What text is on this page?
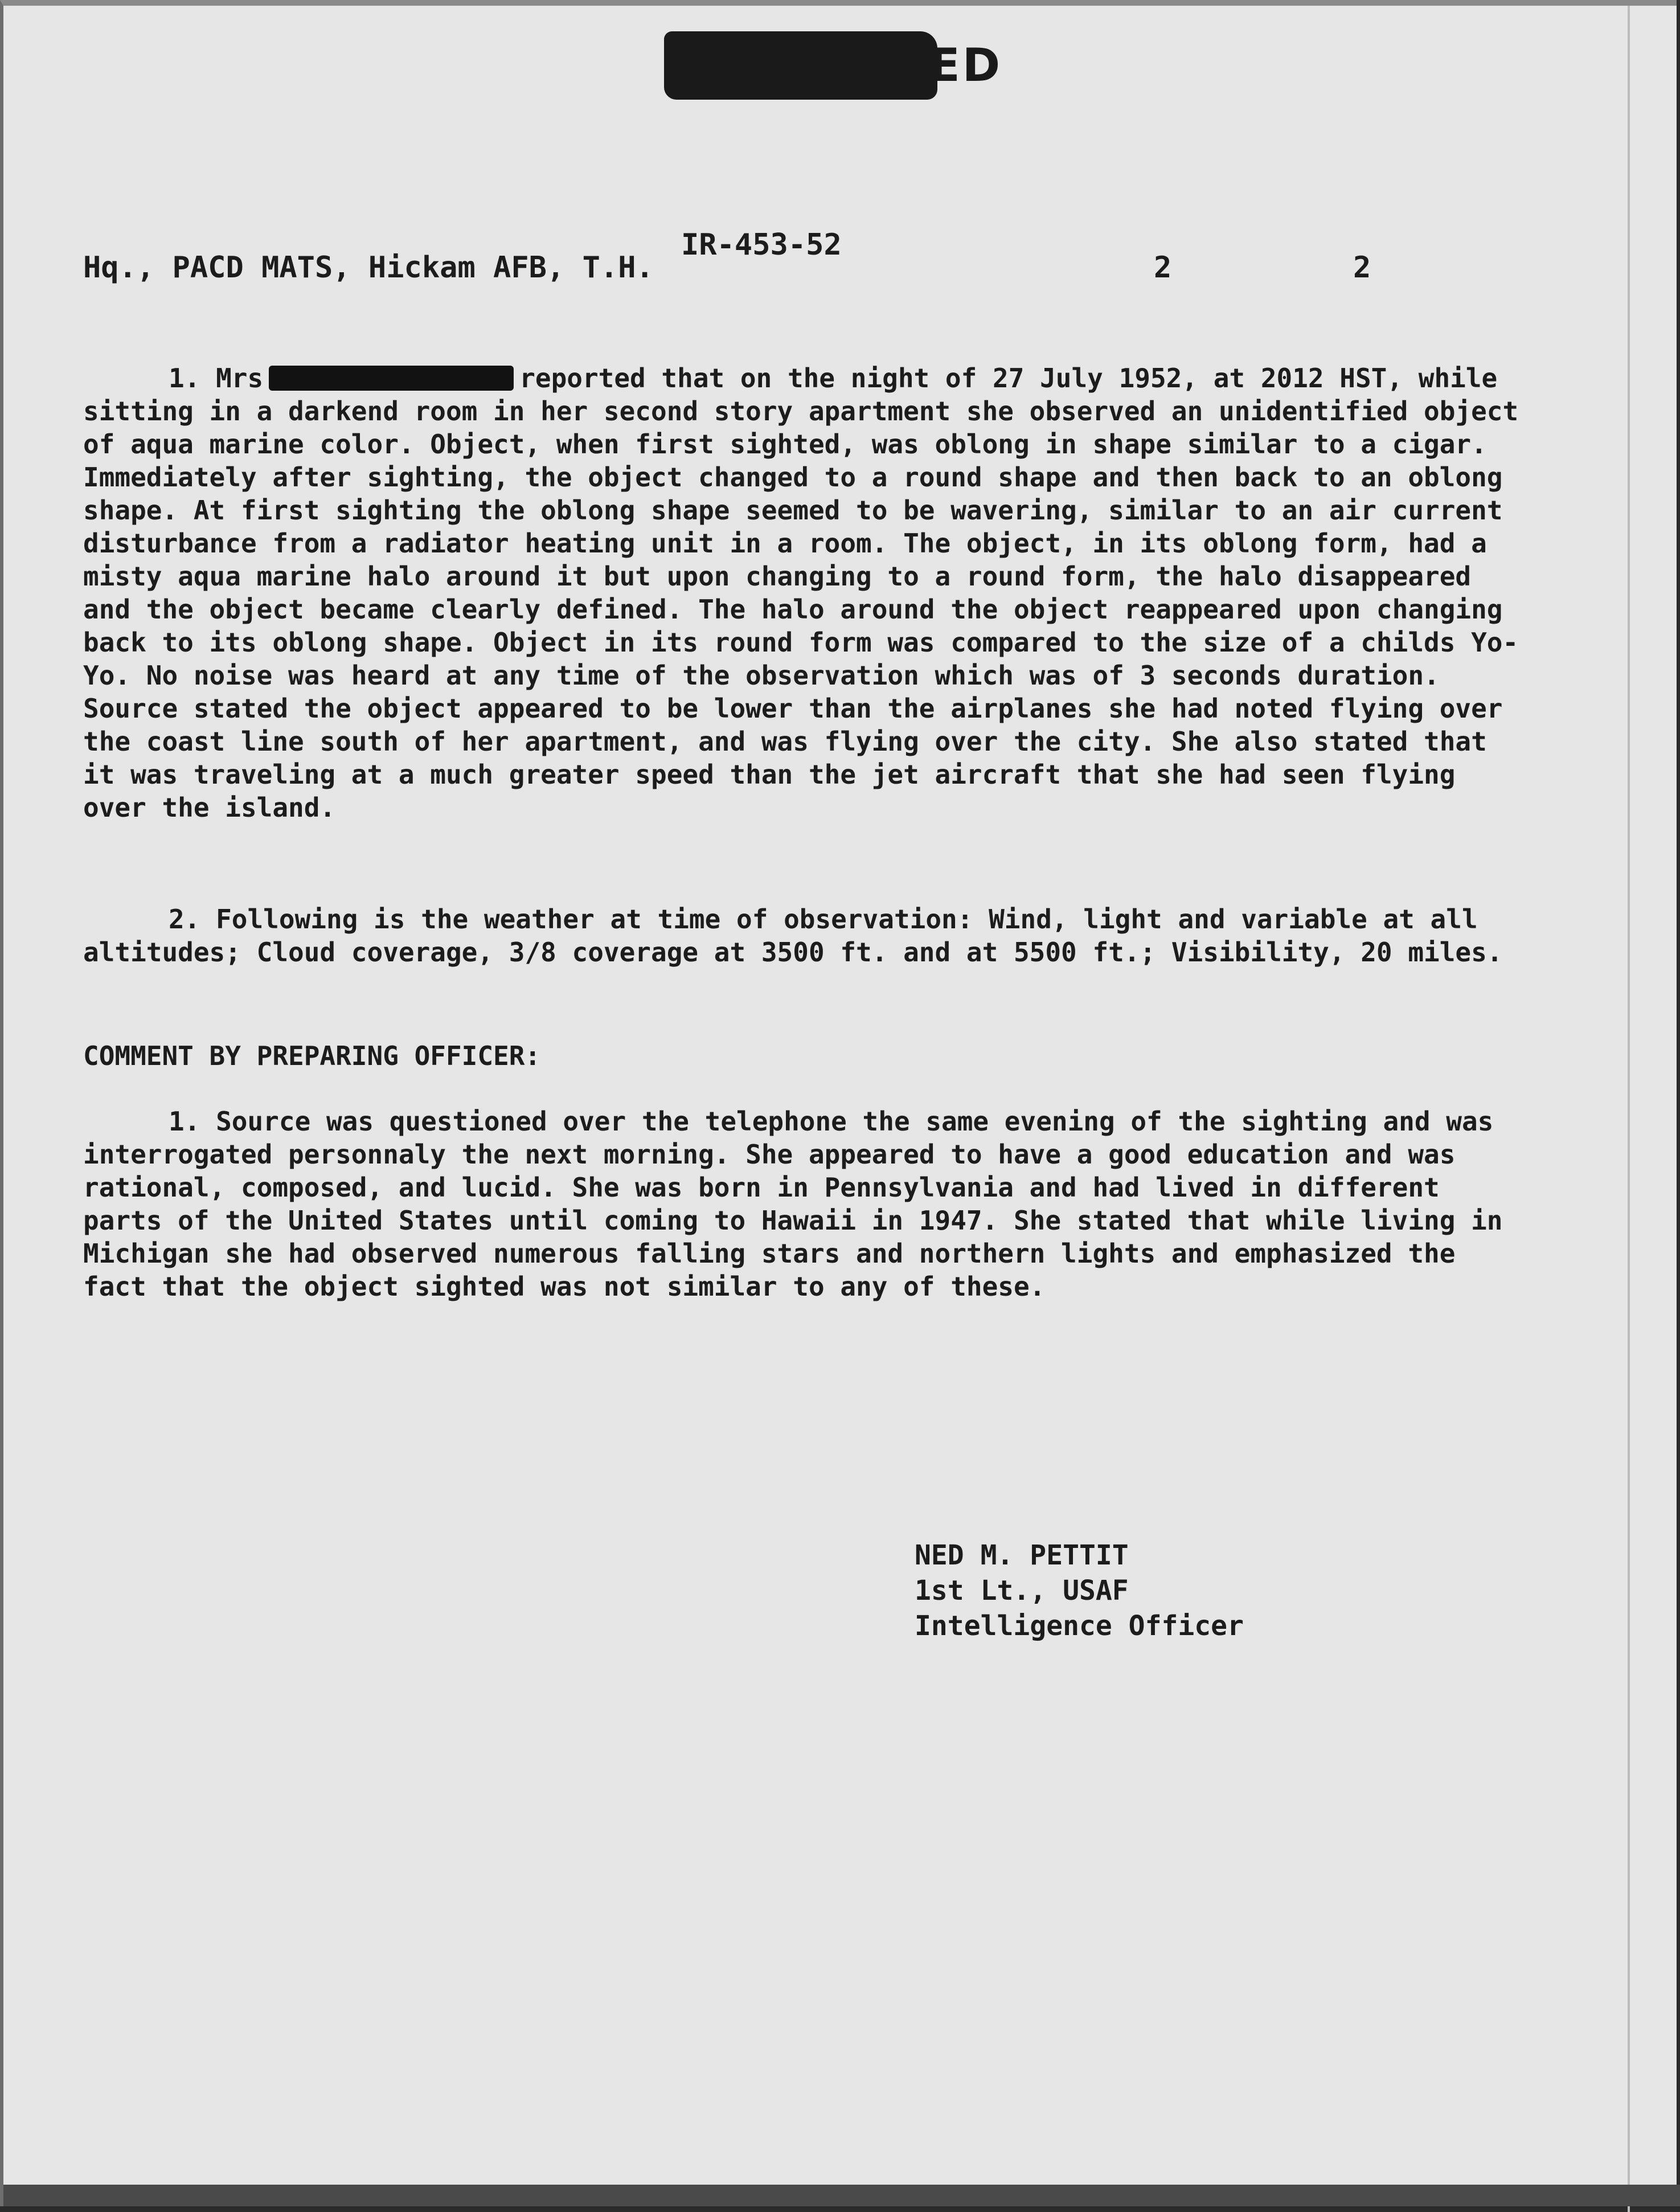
RESTRICTED
Hq., PACD MATS, Hickam AFB, T.H.
IR-453-52
2	2

1. Mrs	reported that on the night of 27 July 1952, at 2012 HST, while sitting in a darkend room in her second story apartment she observed an unidentified object of aqua marine color. Object, when first sighted, was oblong in shape similar to a cigar. Immediately after sighting, the object changed to a round shape and then back to an oblong shape. At first sighting the oblong shape seemed to be wavering, similar to an air current disturbance from a radiator heating unit in a room. The object, in its oblong form, had a misty aqua marine halo around it but upon changing to a round form, the halo disappeared and the object became clearly defined. The halo around the object reappeared upon changing back to its oblong shape. Object in its round form was compared to the size of a childs Yo-Yo. No noise was heard at any time of the observation which was of 3 seconds duration. Source stated the object appeared to be lower than the airplanes she had noted flying over the coast line south of her apartment, and was flying over the city. She also stated that it was traveling at a much greater speed than the jet aircraft that she had seen flying over the island.

2. Following is the weather at time of observation: Wind, light and variable at all altitudes; Cloud coverage, 3/8 coverage at 3500 ft. and at 5500 ft.; Visibility, 20 miles.

COMMENT BY PREPARING OFFICER:

1. Source was questioned over the telephone the same evening of the sighting and was interrogated personnaly the next morning. She appeared to have a good education and was rational, composed, and lucid. She was born in Pennsylvania and had lived in different parts of the United States until coming to Hawaii in 1947. She stated that while living in Michigan she had observed numerous falling stars and northern lights and emphasized the fact that the object sighted was not similar to any of these.

NED M. PETTIT
1st Lt., USAF
Intelligence Officer
